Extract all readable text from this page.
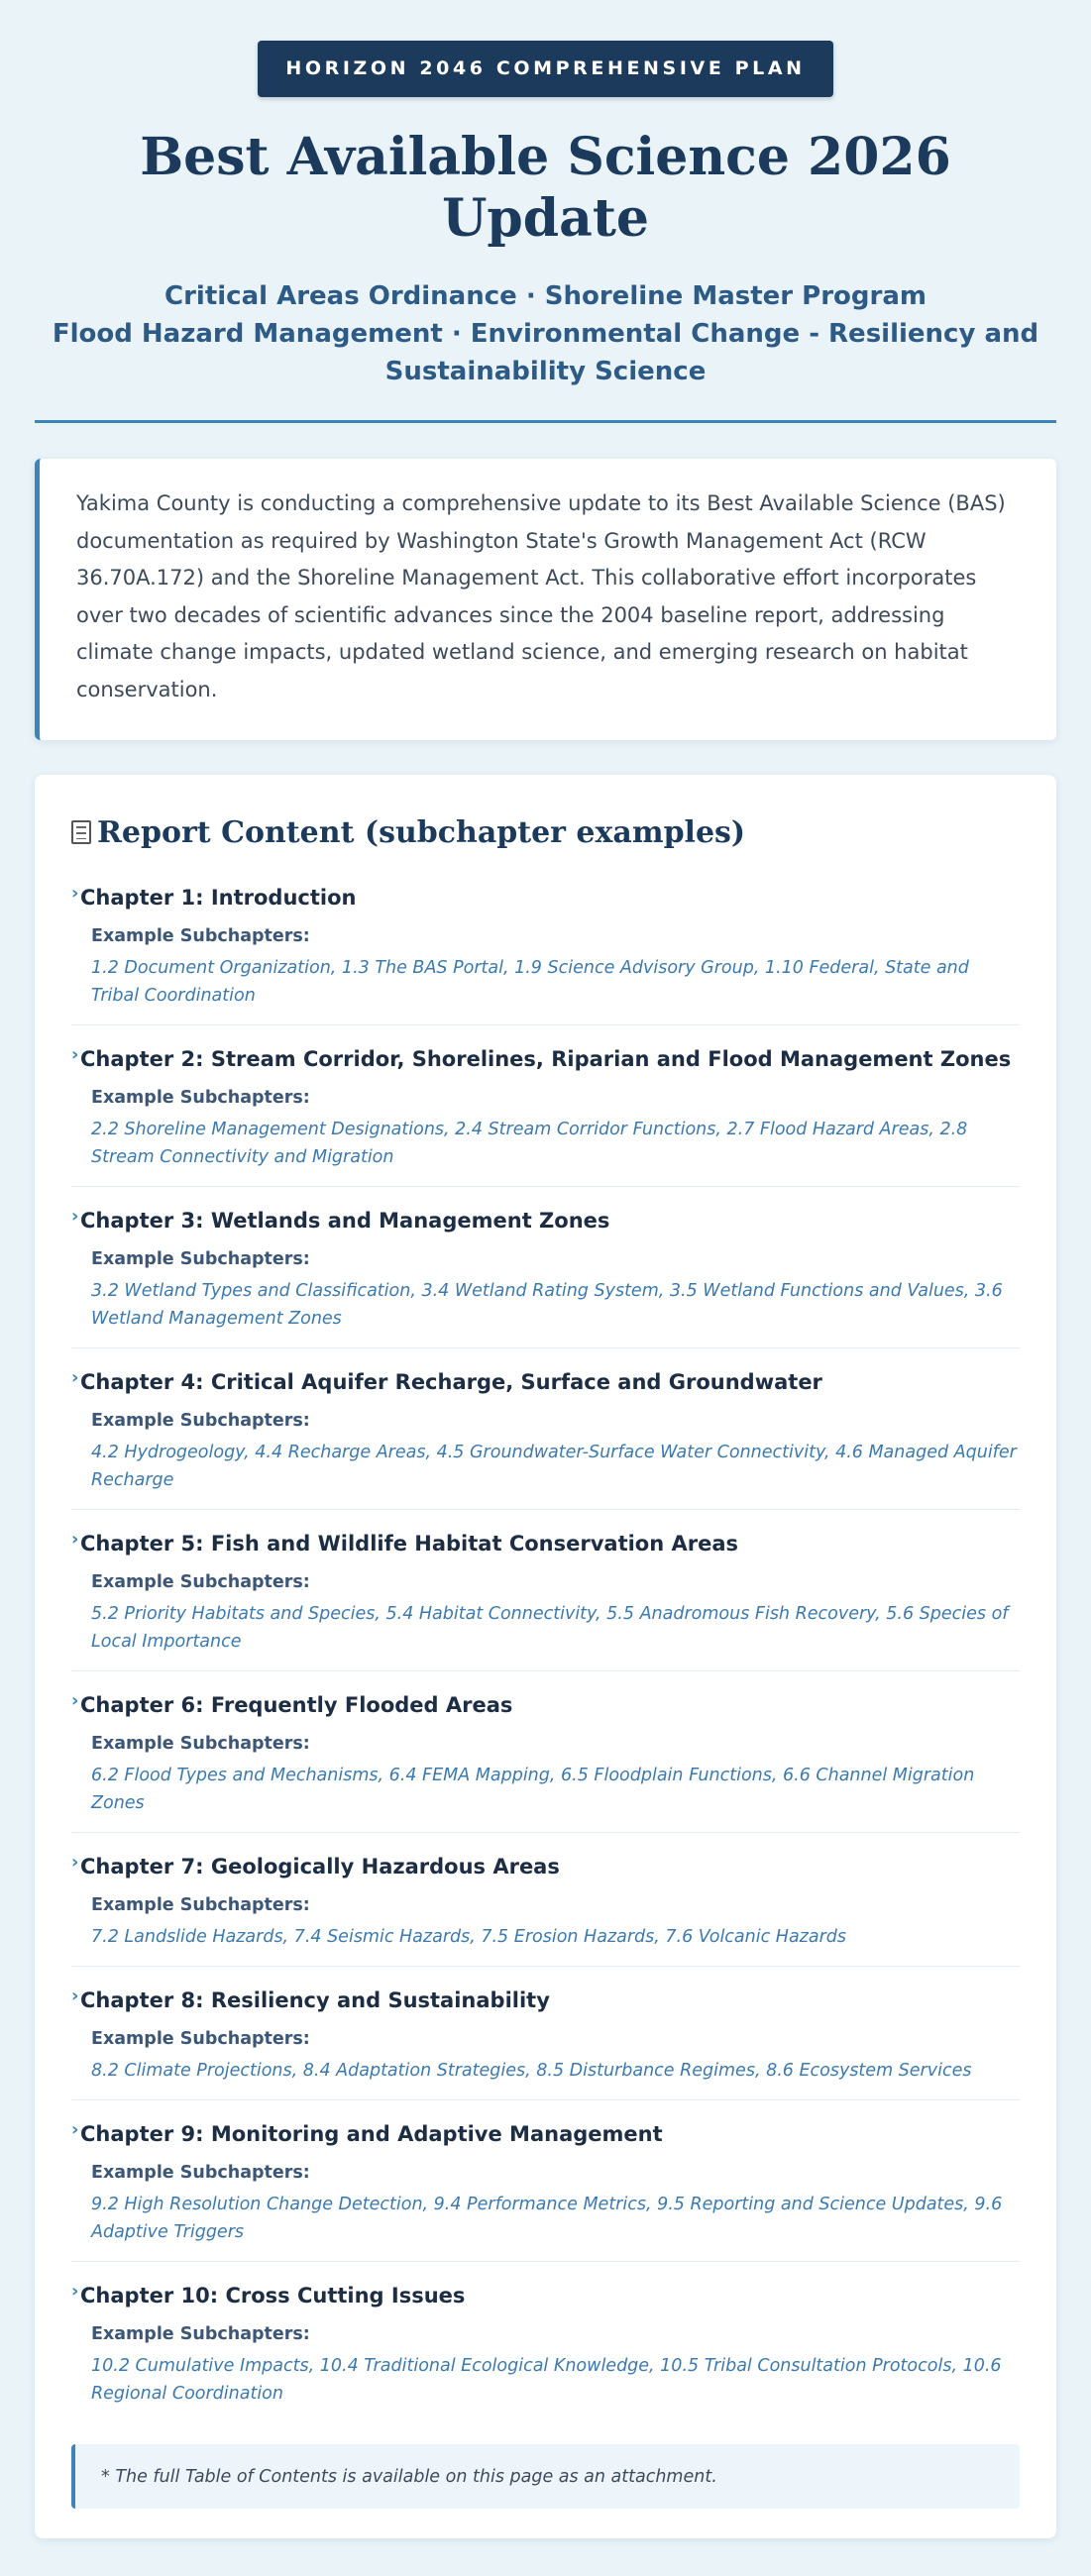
HORIZON 2046 COMPREHENSIVE PLAN
Best Available Science 2026 Update
Critical Areas Ordinance · Shoreline Master Program
Flood Hazard Management · Environmental Change - Resiliency and Sustainability Science

Yakima County is conducting a comprehensive update to its Best Available Science (BAS) documentation as required by Washington State's Growth Management Act (RCW 36.70A.172) and the Shoreline Management Act. This collaborative effort incorporates over two decades of scientific advances since the 2004 baseline report, addressing climate change impacts, updated wetland science, and emerging research on habitat conservation.

Report Content (subchapter examples)
› Chapter 1: Introduction
Example Subchapters:
1.2 Document Organization, 1.3 The BAS Portal, 1.9 Science Advisory Group, 1.10 Federal, State and Tribal Coordination
› Chapter 2: Stream Corridor, Shorelines, Riparian and Flood Management Zones
Example Subchapters:
2.2 Shoreline Management Designations, 2.4 Stream Corridor Functions, 2.7 Flood Hazard Areas, 2.8 Stream Connectivity and Migration
› Chapter 3: Wetlands and Management Zones
Example Subchapters:
3.2 Wetland Types and Classification, 3.4 Wetland Rating System, 3.5 Wetland Functions and Values, 3.6 Wetland Management Zones
› Chapter 4: Critical Aquifer Recharge, Surface and Groundwater
Example Subchapters:
4.2 Hydrogeology, 4.4 Recharge Areas, 4.5 Groundwater-Surface Water Connectivity, 4.6 Managed Aquifer Recharge
› Chapter 5: Fish and Wildlife Habitat Conservation Areas
Example Subchapters:
5.2 Priority Habitats and Species, 5.4 Habitat Connectivity, 5.5 Anadromous Fish Recovery, 5.6 Species of Local Importance
› Chapter 6: Frequently Flooded Areas
Example Subchapters:
6.2 Flood Types and Mechanisms, 6.4 FEMA Mapping, 6.5 Floodplain Functions, 6.6 Channel Migration Zones
› Chapter 7: Geologically Hazardous Areas
Example Subchapters:
7.2 Landslide Hazards, 7.4 Seismic Hazards, 7.5 Erosion Hazards, 7.6 Volcanic Hazards
› Chapter 8: Resiliency and Sustainability
Example Subchapters:
8.2 Climate Projections, 8.4 Adaptation Strategies, 8.5 Disturbance Regimes, 8.6 Ecosystem Services
› Chapter 9: Monitoring and Adaptive Management
Example Subchapters:
9.2 High Resolution Change Detection, 9.4 Performance Metrics, 9.5 Reporting and Science Updates, 9.6 Adaptive Triggers
› Chapter 10: Cross Cutting Issues
Example Subchapters:
10.2 Cumulative Impacts, 10.4 Traditional Ecological Knowledge, 10.5 Tribal Consultation Protocols, 10.6 Regional Coordination
* The full Table of Contents is available on this page as an attachment.
